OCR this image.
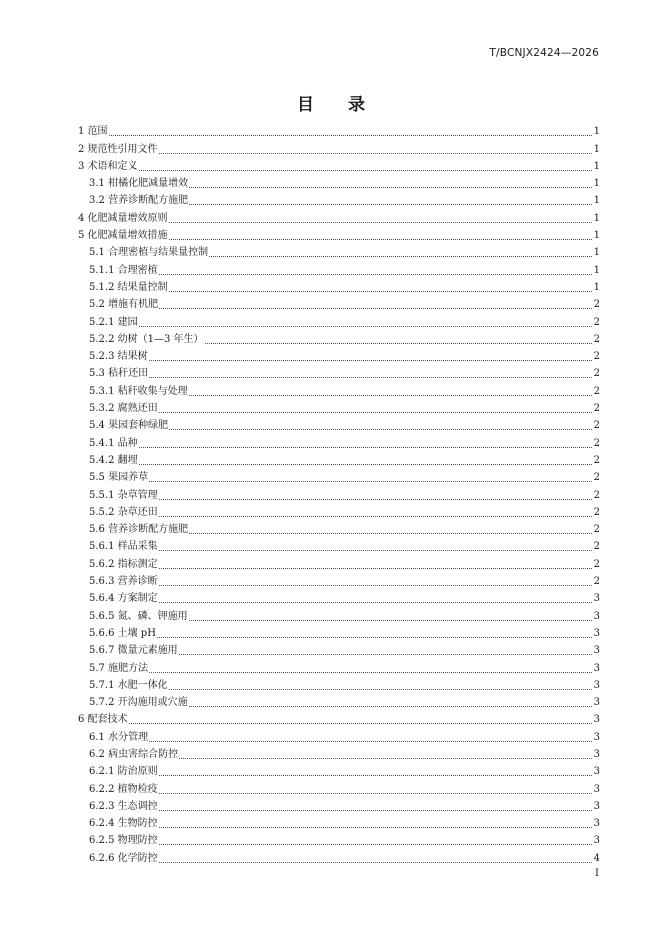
T/BCNJX2424—2026
目 录
1 范围	1
2 规范性引用文件	1
3 术语和定义	1
3.1 柑橘化肥减量增效	1
3.2 营养诊断配方施肥	1
4 化肥减量增效原则	1
5 化肥减量增效措施	1
5.1 合理密植与结果量控制	1
5.1.1 合理密植	1
5.1.2 结果量控制	1
5.2 增施有机肥	2
5.2.1 建园	2
5.2.2 幼树（1—3 年生）	2
5.2.3 结果树	2
5.3 秸秆还田	2
5.3.1 秸秆收集与处理	2
5.3.2 腐熟还田	2
5.4 果园套种绿肥	2
5.4.1 品种	2
5.4.2 翻埋	2
5.5 果园养草	2
5.5.1 杂草管理	2
5.5.2 杂草还田	2
5.6 营养诊断配方施肥	2
5.6.1 样品采集	2
5.6.2 指标测定	2
5.6.3 营养诊断	2
5.6.4 方案制定	3
5.6.5 氮、磷、钾施用	3
5.6.6 土壤 pH	3
5.6.7 微量元素施用	3
5.7 施肥方法	3
5.7.1 水肥一体化	3
5.7.2 开沟施用或穴施	3
6 配套技术	3
6.1 水分管理	3
6.2 病虫害综合防控	3
6.2.1 防治原则	3
6.2.2 植物检疫	3
6.2.3 生态调控	3
6.2.4 生物防控	3
6.2.5 物理防控	3
6.2.6 化学防控	4
I
